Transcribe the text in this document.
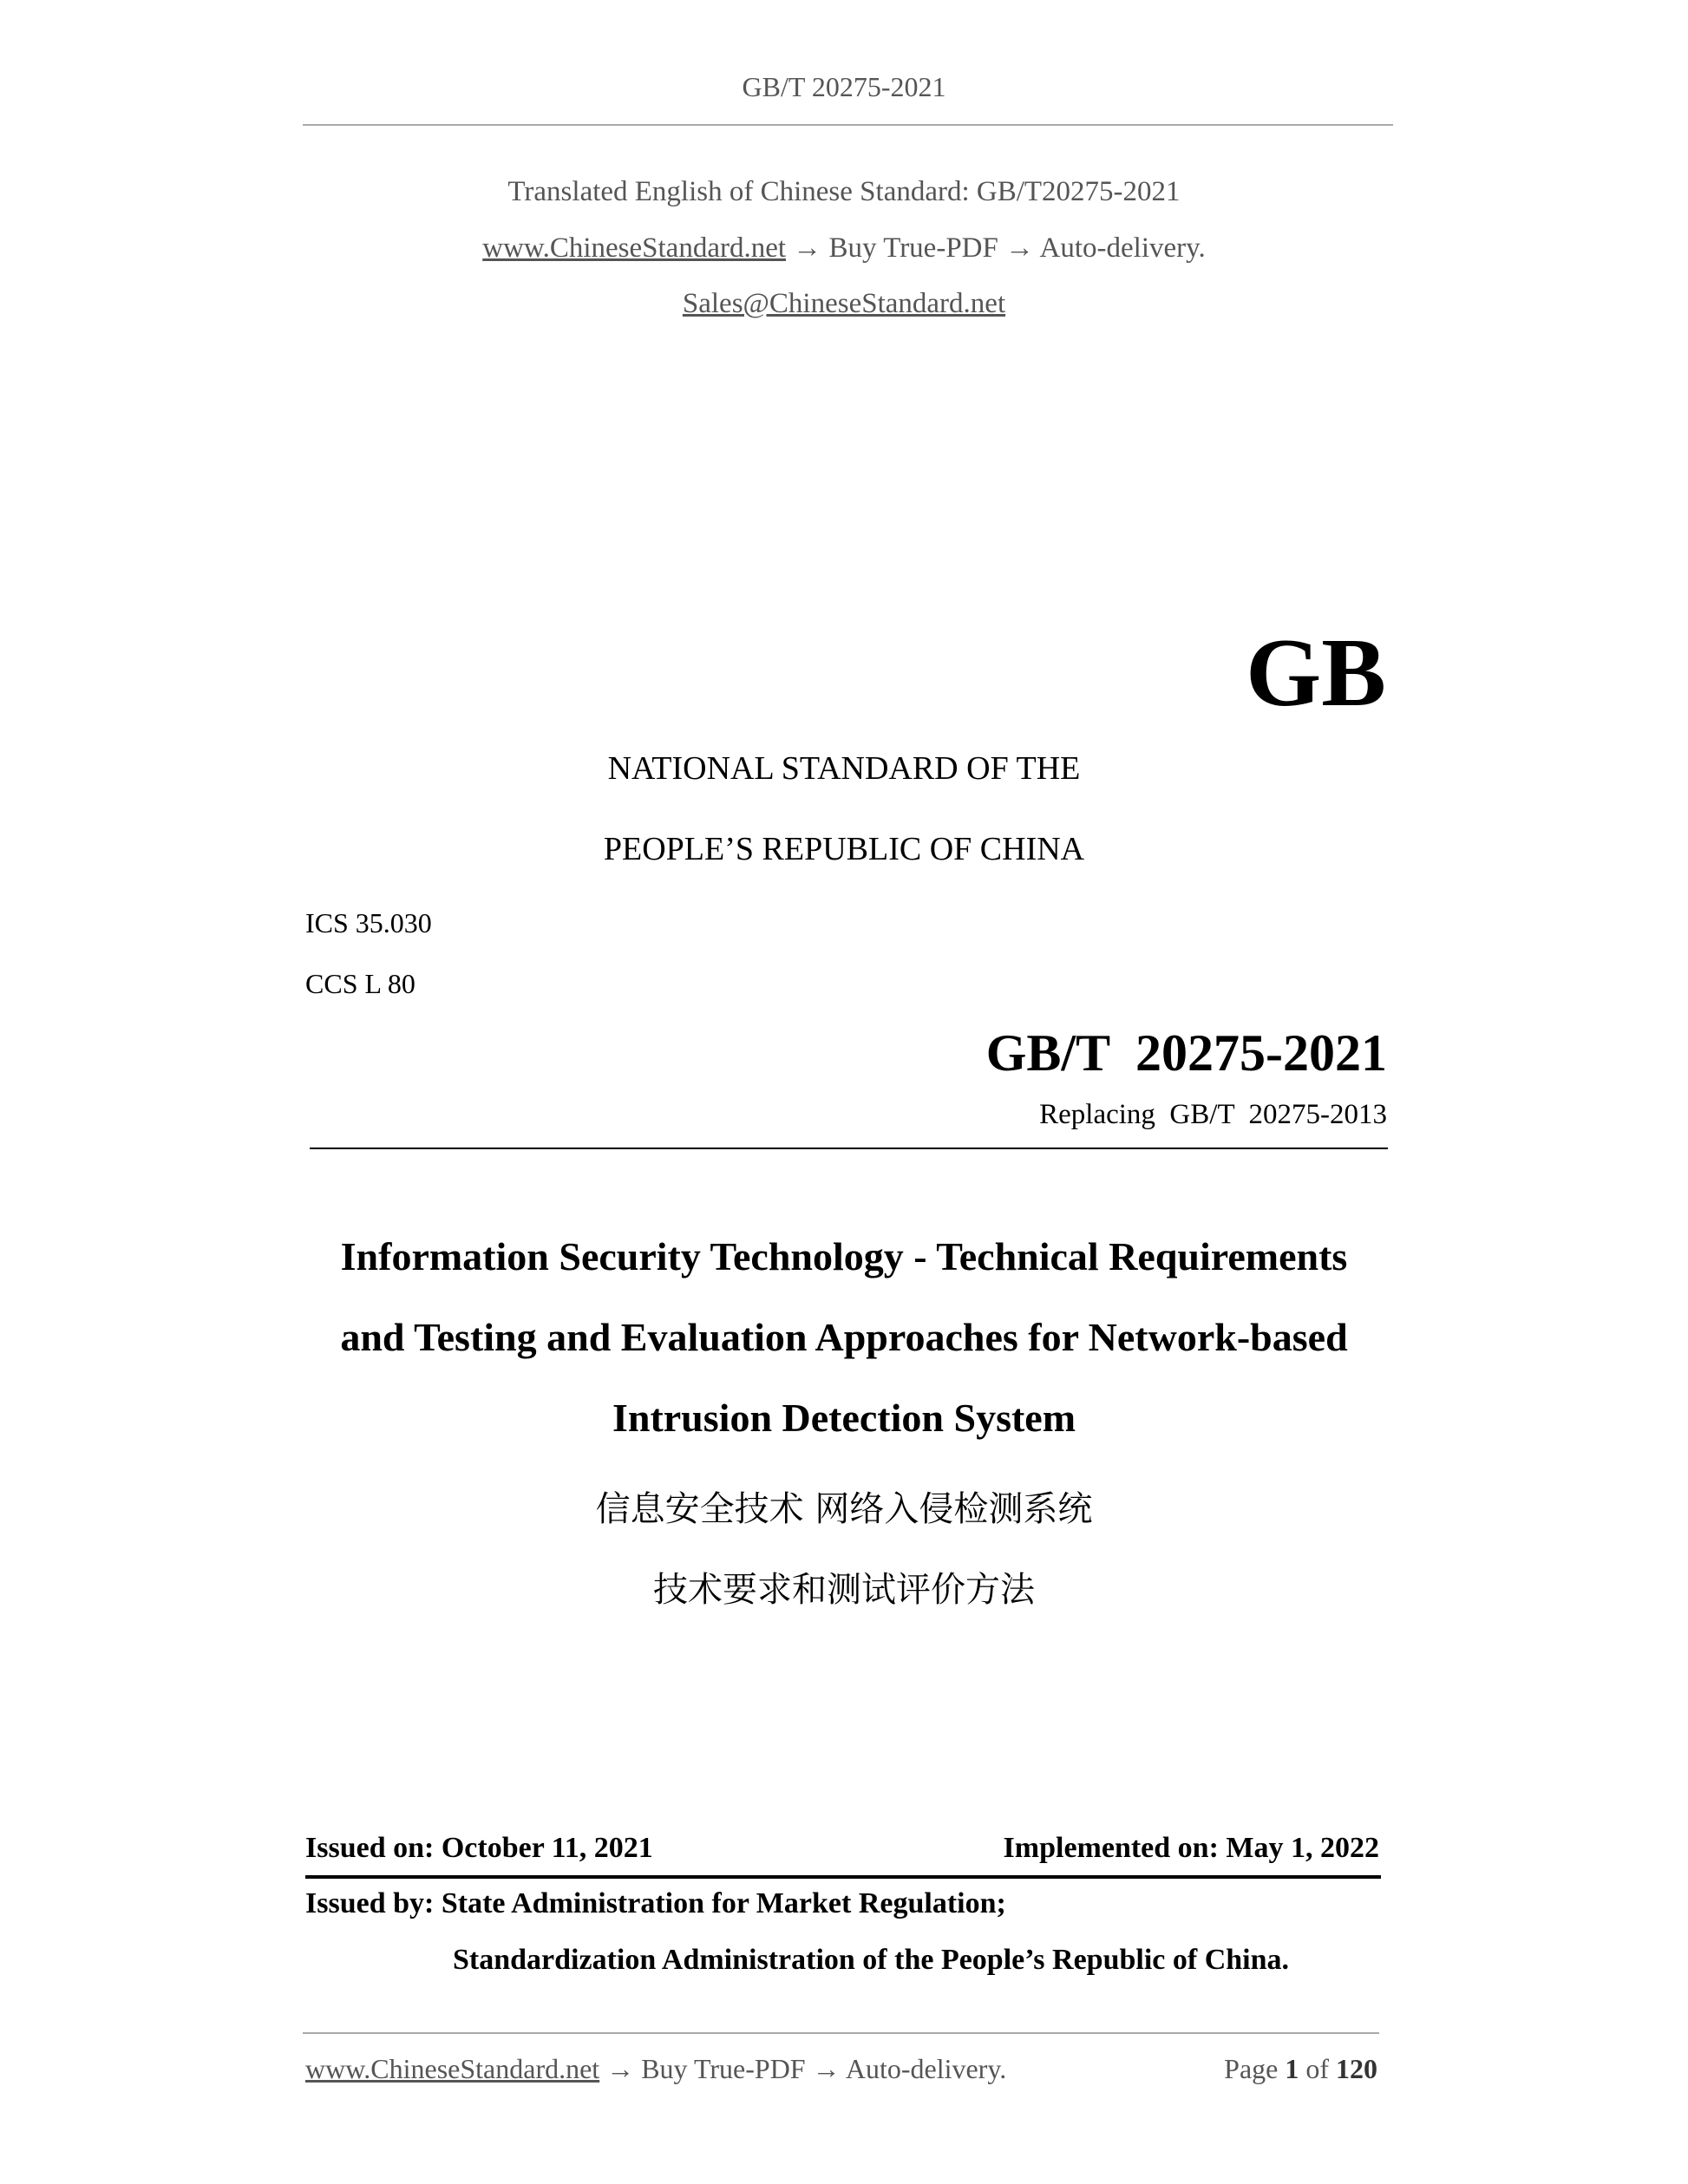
GB/T 20275-2021
Translated English of Chinese Standard: GB/T20275-2021
www.ChineseStandard.net → Buy True-PDF → Auto-delivery.
Sales@ChineseStandard.net
GB
NATIONAL STANDARD OF THE
PEOPLE’S REPUBLIC OF CHINA
ICS 35.030
CCS L 80
GB/T  20275-2021
Replacing  GB/T  20275-2013
Information Security Technology - Technical Requirements
and Testing and Evaluation Approaches for Network-based
Intrusion Detection System
信息安全技术 网络入侵检测系统
技术要求和测试评价方法
Issued on: October 11, 2021	Implemented on: May 1, 2022
Issued by: State Administration for Market Regulation;
Standardization Administration of the People’s Republic of China.
www.ChineseStandard.net → Buy True-PDF → Auto-delivery.	Page 1 of 120
